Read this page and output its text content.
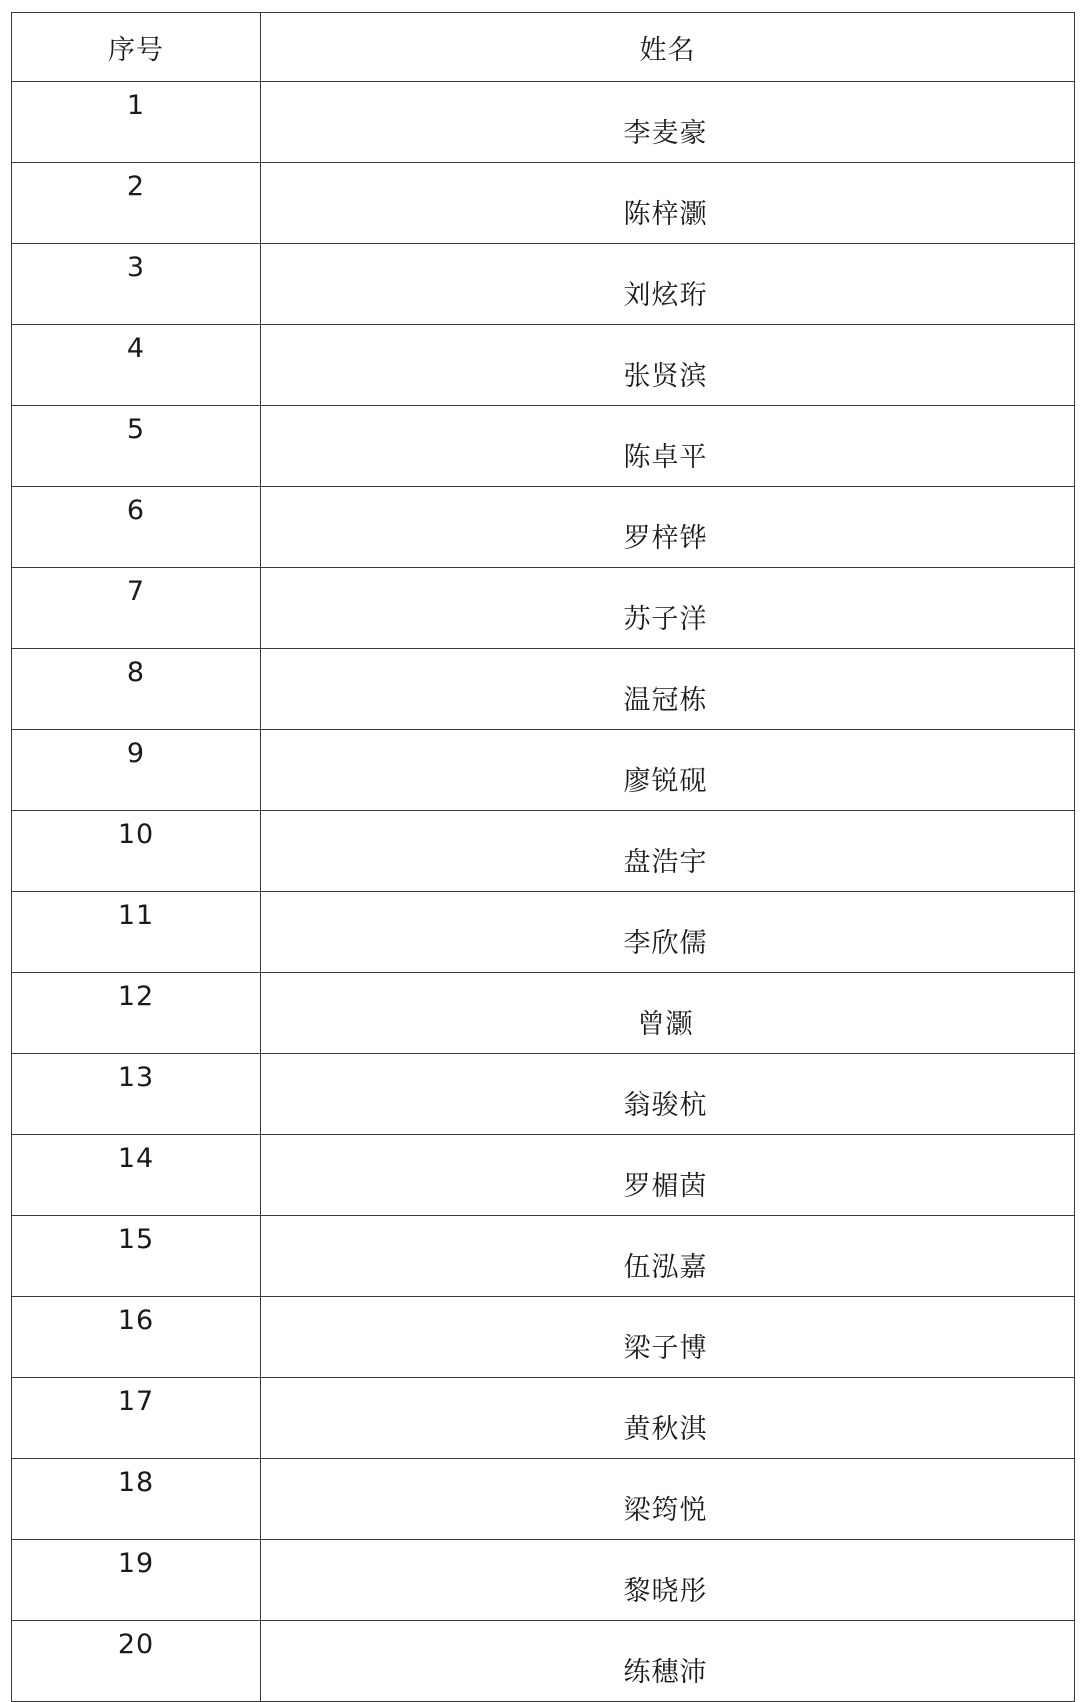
序号	姓名
1	李麦豪
2	陈梓灏
3	刘炫珩
4	张贤滨
5	陈卓平
6	罗梓铧
7	苏子洋
8	温冠栋
9	廖锐砚
10	盘浩宇
11	李欣儒
12	曾灏
13	翁骏杭
14	罗楣茵
15	伍泓嘉
16	梁子博
17	黄秋淇
18	梁筠悦
19	黎晓彤
20	练穗沛
